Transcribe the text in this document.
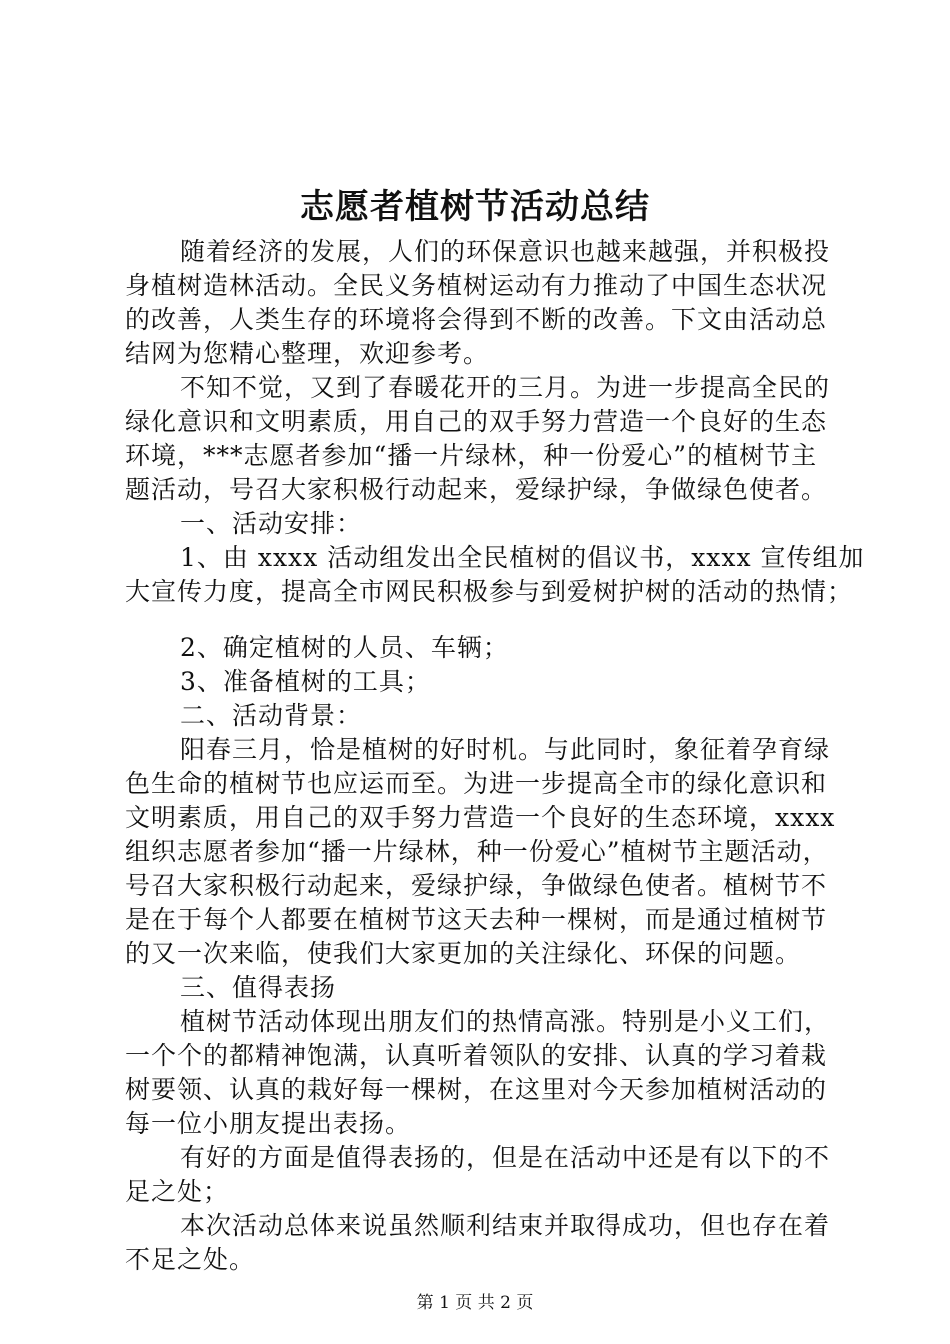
志愿者植树节活动总结
随着经济的发展，人们的环保意识也越来越强，并积极投
身植树造林活动。全民义务植树运动有力推动了中国生态状况
的改善，人类生存的环境将会得到不断的改善。下文由活动总
结网为您精心整理，欢迎参考。
不知不觉，又到了春暖花开的三月。为进一步提高全民的
绿化意识和文明素质，用自己的双手努力营造一个良好的生态
环境，***志愿者参加“播一片绿林，种一份爱心”的植树节主
题活动，号召大家积极行动起来，爱绿护绿，争做绿色使者。
一、活动安排：
1、由 xxxx 活动组发出全民植树的倡议书，xxxx 宣传组加
大宣传力度，提高全市网民积极参与到爱树护树的活动的热情；
2、确定植树的人员、车辆；
3、准备植树的工具；
二、活动背景：
阳春三月，恰是植树的好时机。与此同时，象征着孕育绿
色生命的植树节也应运而至。为进一步提高全市的绿化意识和
文明素质，用自己的双手努力营造一个良好的生态环境，xxxx
组织志愿者参加“播一片绿林，种一份爱心”植树节主题活动，
号召大家积极行动起来，爱绿护绿，争做绿色使者。植树节不
是在于每个人都要在植树节这天去种一棵树，而是通过植树节
的又一次来临，使我们大家更加的关注绿化、环保的问题。
三、值得表扬
植树节活动体现出朋友们的热情高涨。特别是小义工们，
一个个的都精神饱满，认真听着领队的安排、认真的学习着栽
树要领、认真的栽好每一棵树，在这里对今天参加植树活动的
每一位小朋友提出表扬。
有好的方面是值得表扬的，但是在活动中还是有以下的不
足之处；
本次活动总体来说虽然顺利结束并取得成功，但也存在着
不足之处。
第 1 页 共 2 页
